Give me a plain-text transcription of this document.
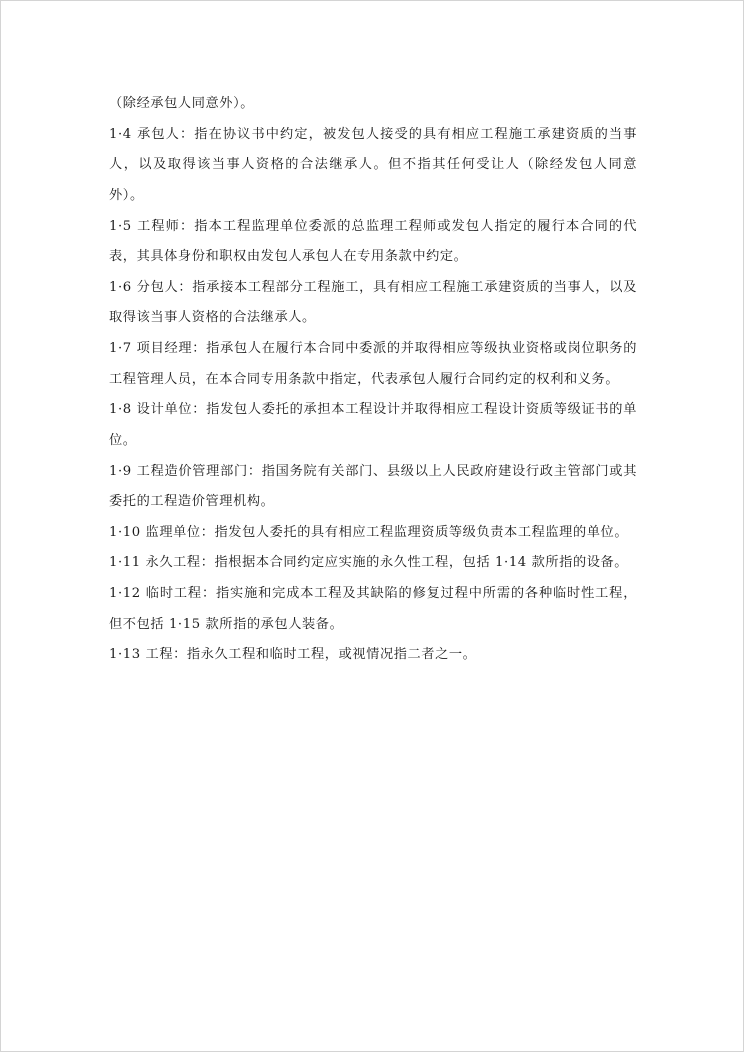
（除经承包人同意外）。

1·4 承包人：指在协议书中约定，被发包人接受的具有相应工程施工承建资质的当事人，以及取得该当事人资格的合法继承人。但不指其任何受让人（除经发包人同意外）。

1·5 工程师：指本工程监理单位委派的总监理工程师或发包人指定的履行本合同的代表，其具体身份和职权由发包人承包人在专用条款中约定。

1·6 分包人：指承接本工程部分工程施工，具有相应工程施工承建资质的当事人，以及取得该当事人资格的合法继承人。

1·7 项目经理：指承包人在履行本合同中委派的并取得相应等级执业资格或岗位职务的工程管理人员，在本合同专用条款中指定，代表承包人履行合同约定的权利和义务。

1·8 设计单位：指发包人委托的承担本工程设计并取得相应工程设计资质等级证书的单位。

1·9 工程造价管理部门：指国务院有关部门、县级以上人民政府建设行政主管部门或其委托的工程造价管理机构。

1·10 监理单位：指发包人委托的具有相应工程监理资质等级负责本工程监理的单位。

1·11 永久工程：指根据本合同约定应实施的永久性工程，包括 1·14 款所指的设备。

1·12 临时工程：指实施和完成本工程及其缺陷的修复过程中所需的各种临时性工程，但不包括 1·15 款所指的承包人装备。

1·13 工程：指永久工程和临时工程，或视情况指二者之一。
